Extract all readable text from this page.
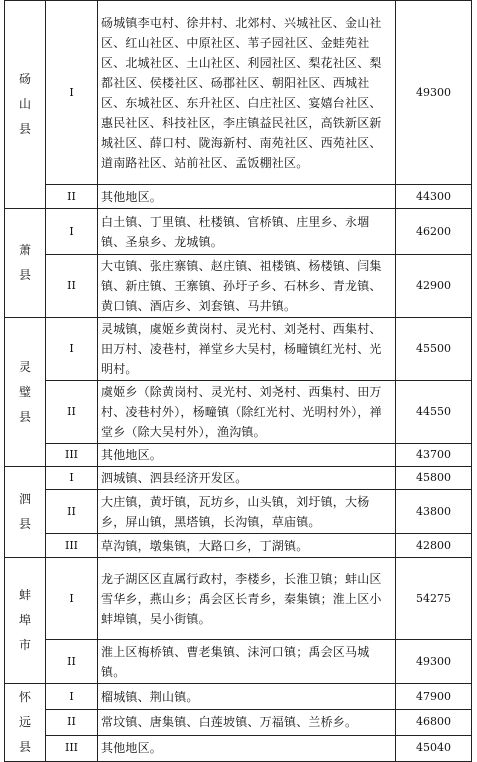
砀
山
县	I	砀城镇李屯村、徐井村、北郊村、兴城社区、金山社区、红山社区、中原社区、苇子园社区、金蛙苑社区、北城社区、土山社区、利园社区、梨花社区、梨都社区、侯楼社区、砀郡社区、朝阳社区、西城社区、东城社区、东升社区、白庄社区、宴嬉台社区、惠民社区、科技社区，李庄镇益民社区，高铁新区新城社区、薛口村、陇海新村、南苑社区、西苑社区、道南路社区、站前社区、孟饭棚社区。	49300
	II	其他地区。	44300

萧
县	I	白土镇、丁里镇、杜楼镇、官桥镇、庄里乡、永堌镇、圣泉乡、龙城镇。	46200
	II	大屯镇、张庄寨镇、赵庄镇、祖楼镇、杨楼镇、闫集镇、新庄镇、王寨镇、孙圩子乡、石林乡、青龙镇、黄口镇、酒店乡、刘套镇、马井镇。	42900

灵
璧
县	I	灵城镇，虞姬乡黄岗村、灵光村、刘尧村、西集村、田万村、凌巷村，禅堂乡大吴村，杨疃镇红光村、光明村。	45500
	II	虞姬乡（除黄岗村、灵光村、刘尧村、西集村、田万村、凌巷村外），杨疃镇（除红光村、光明村外），禅堂乡（除大吴村外），渔沟镇。	44550
	III	其他地区。	43700

泗
县	I	泗城镇、泗县经济开发区。	45800
	II	大庄镇，黄圩镇，瓦坊乡，山头镇，刘圩镇，大杨乡，屏山镇，黑塔镇，长沟镇，草庙镇。	43800
	III	草沟镇，墩集镇，大路口乡，丁湖镇。	42800

蚌
埠
市	I	龙子湖区区直属行政村，李楼乡，长淮卫镇；蚌山区雪华乡，燕山乡；禹会区长青乡，秦集镇；淮上区小蚌埠镇，吴小街镇。	54275
	II	淮上区梅桥镇、曹老集镇、沫河口镇；禹会区马城镇。	49300

怀
远
县	I	榴城镇、荆山镇。	47900
	II	常坟镇、唐集镇、白莲坡镇、万福镇、兰桥乡。	46800
	III	其他地区。	45040
